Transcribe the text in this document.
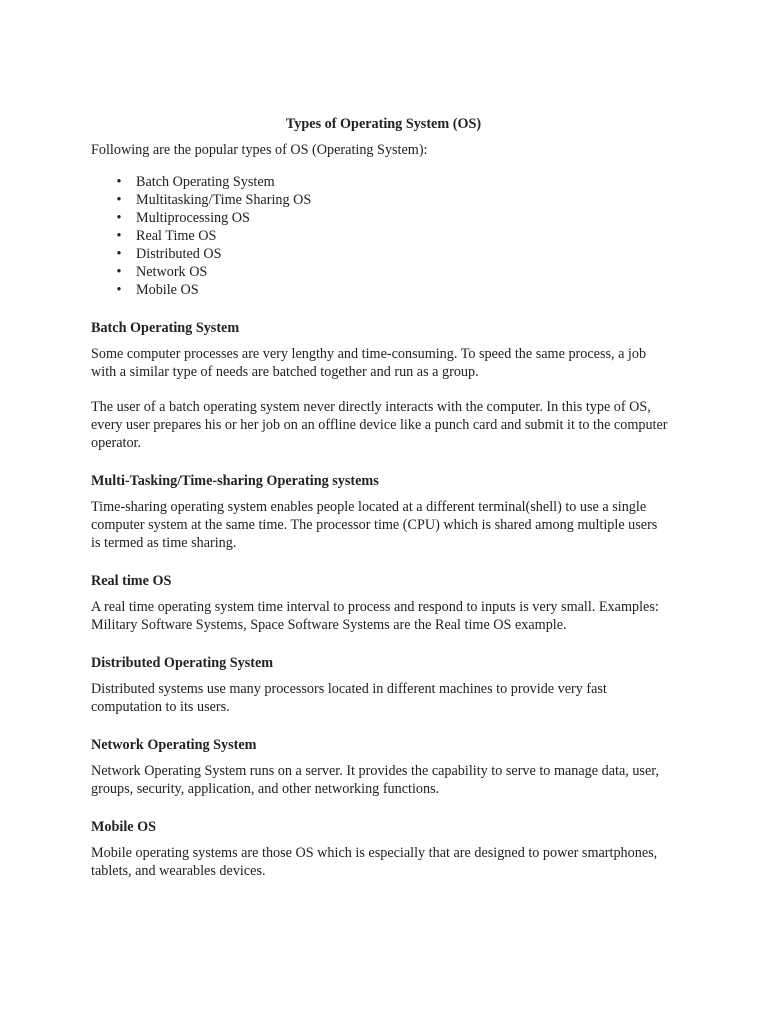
Types of Operating System (OS)

Following are the popular types of OS (Operating System):

• Batch Operating System
• Multitasking/Time Sharing OS
• Multiprocessing OS
• Real Time OS
• Distributed OS
• Network OS
• Mobile OS
Batch Operating System

Some computer processes are very lengthy and time-consuming. To speed the same process, a job with a similar type of needs are batched together and run as a group.

The user of a batch operating system never directly interacts with the computer. In this type of OS, every user prepares his or her job on an offline device like a punch card and submit it to the computer operator.

Multi-Tasking/Time-sharing Operating systems

Time-sharing operating system enables people located at a different terminal(shell) to use a single computer system at the same time. The processor time (CPU) which is shared among multiple users is termed as time sharing.

Real time OS

A real time operating system time interval to process and respond to inputs is very small. Examples: Military Software Systems, Space Software Systems are the Real time OS example.

Distributed Operating System

Distributed systems use many processors located in different machines to provide very fast computation to its users.

Network Operating System

Network Operating System runs on a server. It provides the capability to serve to manage data, user, groups, security, application, and other networking functions.

Mobile OS

Mobile operating systems are those OS which is especially that are designed to power smartphones, tablets, and wearables devices.
